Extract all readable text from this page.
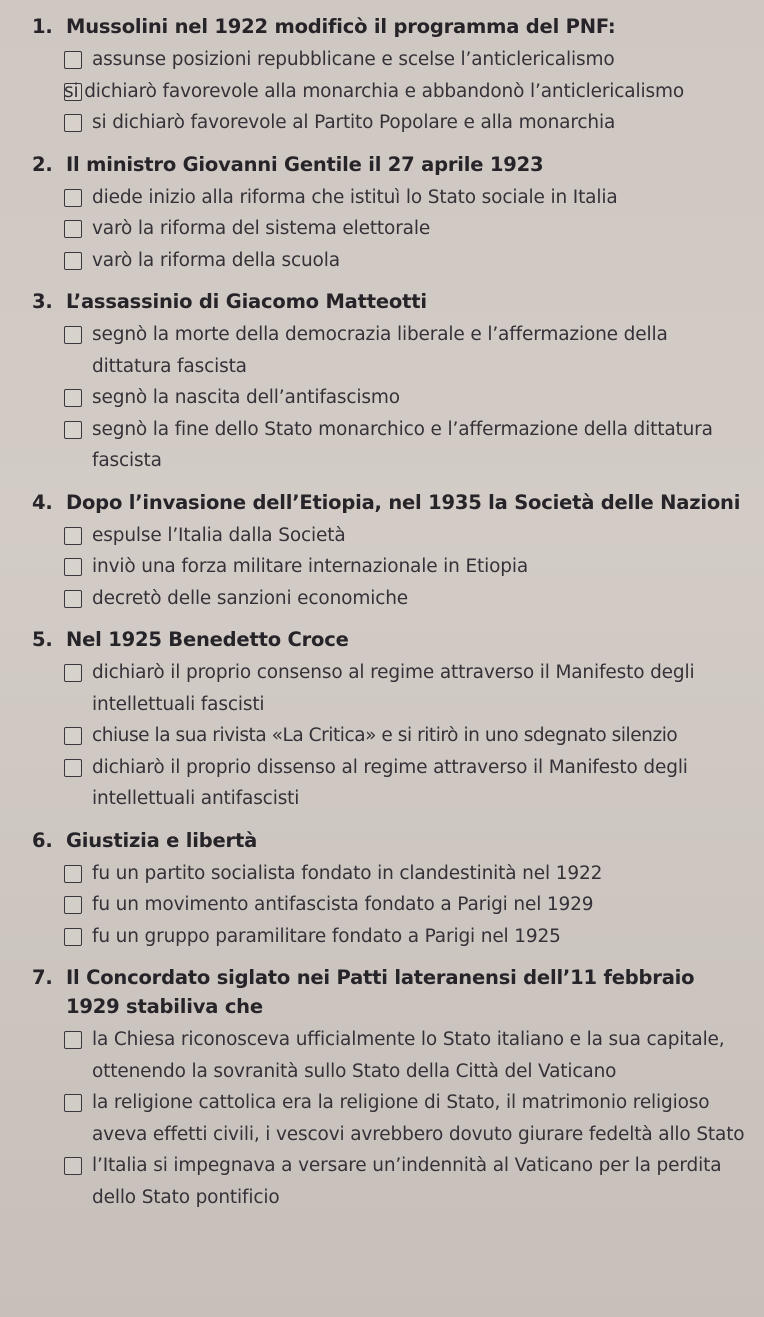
1. Mussolini nel 1922 modificò il programma del PNF:
assunse posizioni repubblicane e scelse l’anticlericalismo
si dichiarò favorevole alla monarchia e abbandonò l’anticlericalismo
si dichiarò favorevole al Partito Popolare e alla monarchia
2. Il ministro Giovanni Gentile il 27 aprile 1923
diede inizio alla riforma che istituì lo Stato sociale in Italia
varò la riforma del sistema elettorale
varò la riforma della scuola
3. L’assassinio di Giacomo Matteotti
segnò la morte della democrazia liberale e l’affermazione della dittatura fascista
segnò la nascita dell’antifascismo
segnò la fine dello Stato monarchico e l’affermazione della dittatura fascista
4. Dopo l’invasione dell’Etiopia, nel 1935 la Società delle Nazioni
espulse l’Italia dalla Società
inviò una forza militare internazionale in Etiopia
decretò delle sanzioni economiche
5. Nel 1925 Benedetto Croce
dichiarò il proprio consenso al regime attraverso il Manifesto degli intellettuali fascisti
chiuse la sua rivista «La Critica» e si ritirò in uno sdegnato silenzio
dichiarò il proprio dissenso al regime attraverso il Manifesto degli intellettuali antifascisti
6. Giustizia e libertà
fu un partito socialista fondato in clandestinità nel 1922
fu un movimento antifascista fondato a Parigi nel 1929
fu un gruppo paramilitare fondato a Parigi nel 1925
7. Il Concordato siglato nei Patti lateranensi dell’11 febbraio 1929 stabiliva che
la Chiesa riconosceva ufficialmente lo Stato italiano e la sua capitale, ottenendo la sovranità sullo Stato della Città del Vaticano
la religione cattolica era la religione di Stato, il matrimonio religioso aveva effetti civili, i vescovi avrebbero dovuto giurare fedeltà allo Stato
l’Italia si impegnava a versare un’indennità al Vaticano per la perdita dello Stato pontificio
